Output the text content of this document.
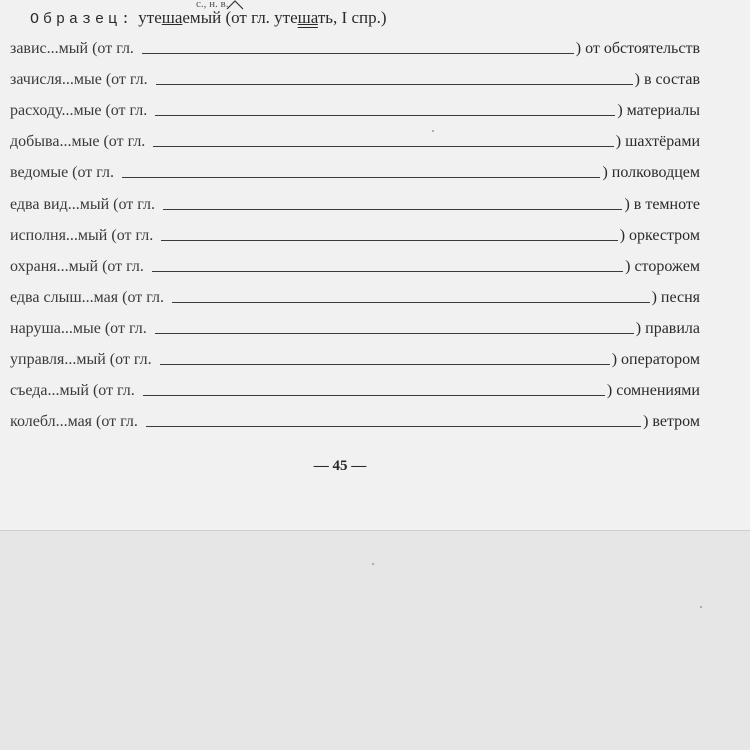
с., н. в.
Образец: утешаемый (от гл. утешать, I спр.)
завис...мый (от гл.	) от обстоятельств
зачисля...мые (от гл.	) в состав
расходу...мые (от гл.	) материалы
добыва...мые (от гл.	) шахтёрами
ведомые (от гл.	) полководцем
едва вид...мый (от гл.	) в темноте
исполня...мый (от гл.	) оркестром
охраня...мый (от гл.	) сторожем
едва слыш...мая (от гл.	) песня
наруша...мые (от гл.	) правила
управля...мый (от гл.	) оператором
съеда...мый (от гл.	) сомнениями
колебл...мая (от гл.	) ветром
— 45 —
